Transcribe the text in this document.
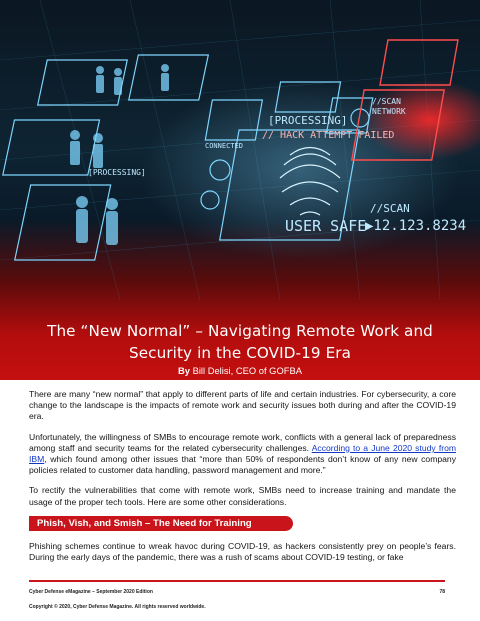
[PROCESSING]
// HACK ATTEMPT FAILED
USER SAFE
//SCAN
▶12.123.8234
//SCAN
NETWORK
CONNECTED
[PROCESSING]
The “New Normal” – Navigating Remote Work and Security in the COVID-19 Era
By Bill Delisi, CEO of GOFBA

There are many “new normal” that apply to different parts of life and certain industries. For cybersecurity, a core change to the landscape is the impacts of remote work and security issues both during and after the COVID-19 era.

Unfortunately, the willingness of SMBs to encourage remote work, conflicts with a general lack of preparedness among staff and security teams for the related cybersecurity challenges. According to a June 2020 study from IBM, which found among other issues that “more than 50% of respondents don’t know of any new company policies related to customer data handling, password management and more.”

To rectify the vulnerabilities that come with remote work, SMBs need to increase training and mandate the usage of the proper tech tools. Here are some other considerations.

Phish, Vish, and Smish – The Need for Training
Phishing schemes continue to wreak havoc during COVID-19, as hackers consistently prey on people’s fears. During the early days of the pandemic, there was a rush of scams about COVID-19 testing, or fake
Cyber Defense eMagazine – September 2020 Edition	78
Copyright © 2020, Cyber Defense Magazine. All rights reserved worldwide.
